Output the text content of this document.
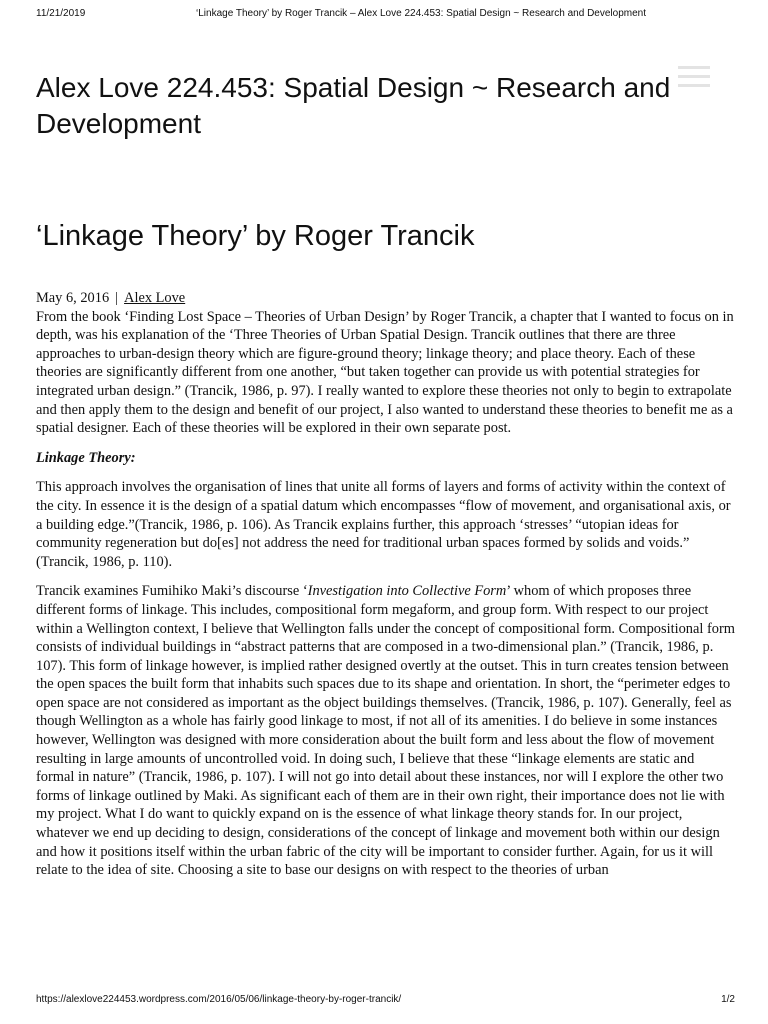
11/21/2019	‘Linkage Theory’ by Roger Trancik – Alex Love 224.453: Spatial Design ~ Research and Development
Alex Love 224.453: Spatial Design ~ Research and Development
‘Linkage Theory’ by Roger Trancik

May 6, 2016 | Alex Love

From the book ‘Finding Lost Space – Theories of Urban Design’ by Roger Trancik, a chapter that I wanted to focus on in depth, was his explanation of the ‘Three Theories of Urban Spatial Design. Trancik outlines that there are three approaches to urban-design theory which are figure-ground theory; linkage theory; and place theory. Each of these theories are significantly different from one another, “but taken together can provide us with potential strategies for integrated urban design.” (Trancik, 1986, p. 97). I really wanted to explore these theories not only to begin to extrapolate and then apply them to the design and benefit of our project, I also wanted to understand these theories to benefit me as a spatial designer. Each of these theories will be explored in their own separate post.

Linkage Theory:

This approach involves the organisation of lines that unite all forms of layers and forms of activity within the context of the city. In essence it is the design of a spatial datum which encompasses “flow of movement, and organisational axis, or a building edge.”(Trancik, 1986, p. 106). As Trancik explains further, this approach ‘stresses’ “utopian ideas for community regeneration but do[es] not address the need for traditional urban spaces formed by solids and voids.” (Trancik, 1986, p. 110).

Trancik examines Fumihiko Maki’s discourse ‘Investigation into Collective Form’ whom of which proposes three different forms of linkage. This includes, compositional form megaform, and group form. With respect to our project within a Wellington context, I believe that Wellington falls under the concept of compositional form. Compositional form consists of individual buildings in “abstract patterns that are composed in a two-dimensional plan.” (Trancik, 1986, p. 107). This form of linkage however, is implied rather designed overtly at the outset. This in turn creates tension between the open spaces the built form that inhabits such spaces due to its shape and orientation. In short, the “perimeter edges to open space are not considered as important as the object buildings themselves. (Trancik, 1986, p. 107). Generally, feel as though Wellington as a whole has fairly good linkage to most, if not all of its amenities. I do believe in some instances however, Wellington was designed with more consideration about the built form and less about the flow of movement resulting in large amounts of uncontrolled void. In doing such, I believe that these “linkage elements are static and formal in nature” (Trancik, 1986, p. 107). I will not go into detail about these instances, nor will I explore the other two forms of linkage outlined by Maki. As significant each of them are in their own right, their importance does not lie with my project. What I do want to quickly expand on is the essence of what linkage theory stands for. In our project, whatever we end up deciding to design, considerations of the concept of linkage and movement both within our design and how it positions itself within the urban fabric of the city will be important to consider further. Again, for us it will relate to the idea of site. Choosing a site to base our designs on with respect to the theories of urban

https://alexlove224453.wordpress.com/2016/05/06/linkage-theory-by-roger-trancik/	1/2
